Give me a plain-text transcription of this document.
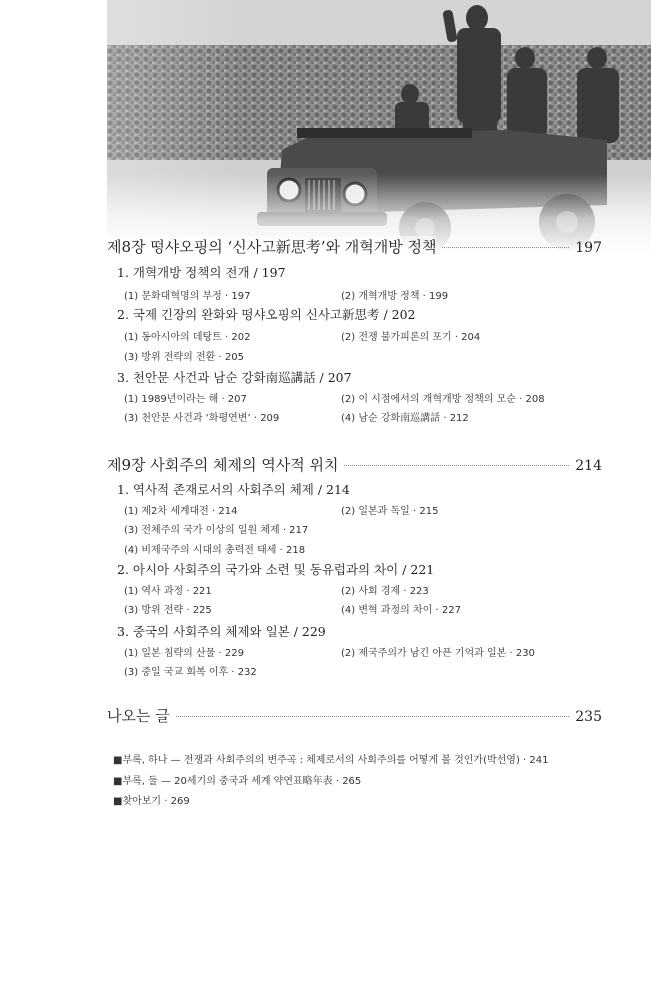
제8장 떵샤오핑의 ‘신사고新思考’와 개혁개방 정책	197
1. 개혁개방 정책의 전개 / 197
(1) 문화대혁명의 부정 · 197	(2) 개혁개방 정책 · 199
2. 국제 긴장의 완화와 떵샤오핑의 신사고新思考 / 202
(1) 동아시아의 데탕트 · 202	(2) 전쟁 불가피론의 포기 · 204
(3) 방위 전략의 전환 · 205
3. 천안문 사건과 남순 강화南巡講話 / 207
(1) 1989년이라는 해 · 207	(2) 이 시점에서의 개혁개방 정책의 모순 · 208
(3) 천안문 사건과 ‘화평연변’ · 209	(4) 남순 강화南巡講話 · 212
제9장 사회주의 체제의 역사적 위치	214
1. 역사적 존재로서의 사회주의 체제 / 214
(1) 제2차 세계대전 · 214	(2) 일본과 독일 · 215
(3) 전체주의 국가 이상의 일원 체제 · 217
(4) 비제국주의 시대의 총력전 태세 · 218
2. 아시아 사회주의 국가와 소련 및 동유럽과의 차이 / 221
(1) 역사 과정 · 221	(2) 사회 경제 · 223
(3) 방위 전략 · 225	(4) 변혁 과정의 차이 · 227
3. 중국의 사회주의 체제와 일본 / 229
(1) 일본 침략의 산물 · 229	(2) 제국주의가 남긴 아픈 기억과 일본 · 230
(3) 중일 국교 회복 이후 · 232
나오는 글	235
■부록, 하나 — 전쟁과 사회주의의 변주곡 : 체제로서의 사회주의를 어떻게 볼 것인가(박선영) · 241
■부록, 둘 — 20세기의 중국과 세계 약연표略年表 · 265
■찾아보기 · 269
